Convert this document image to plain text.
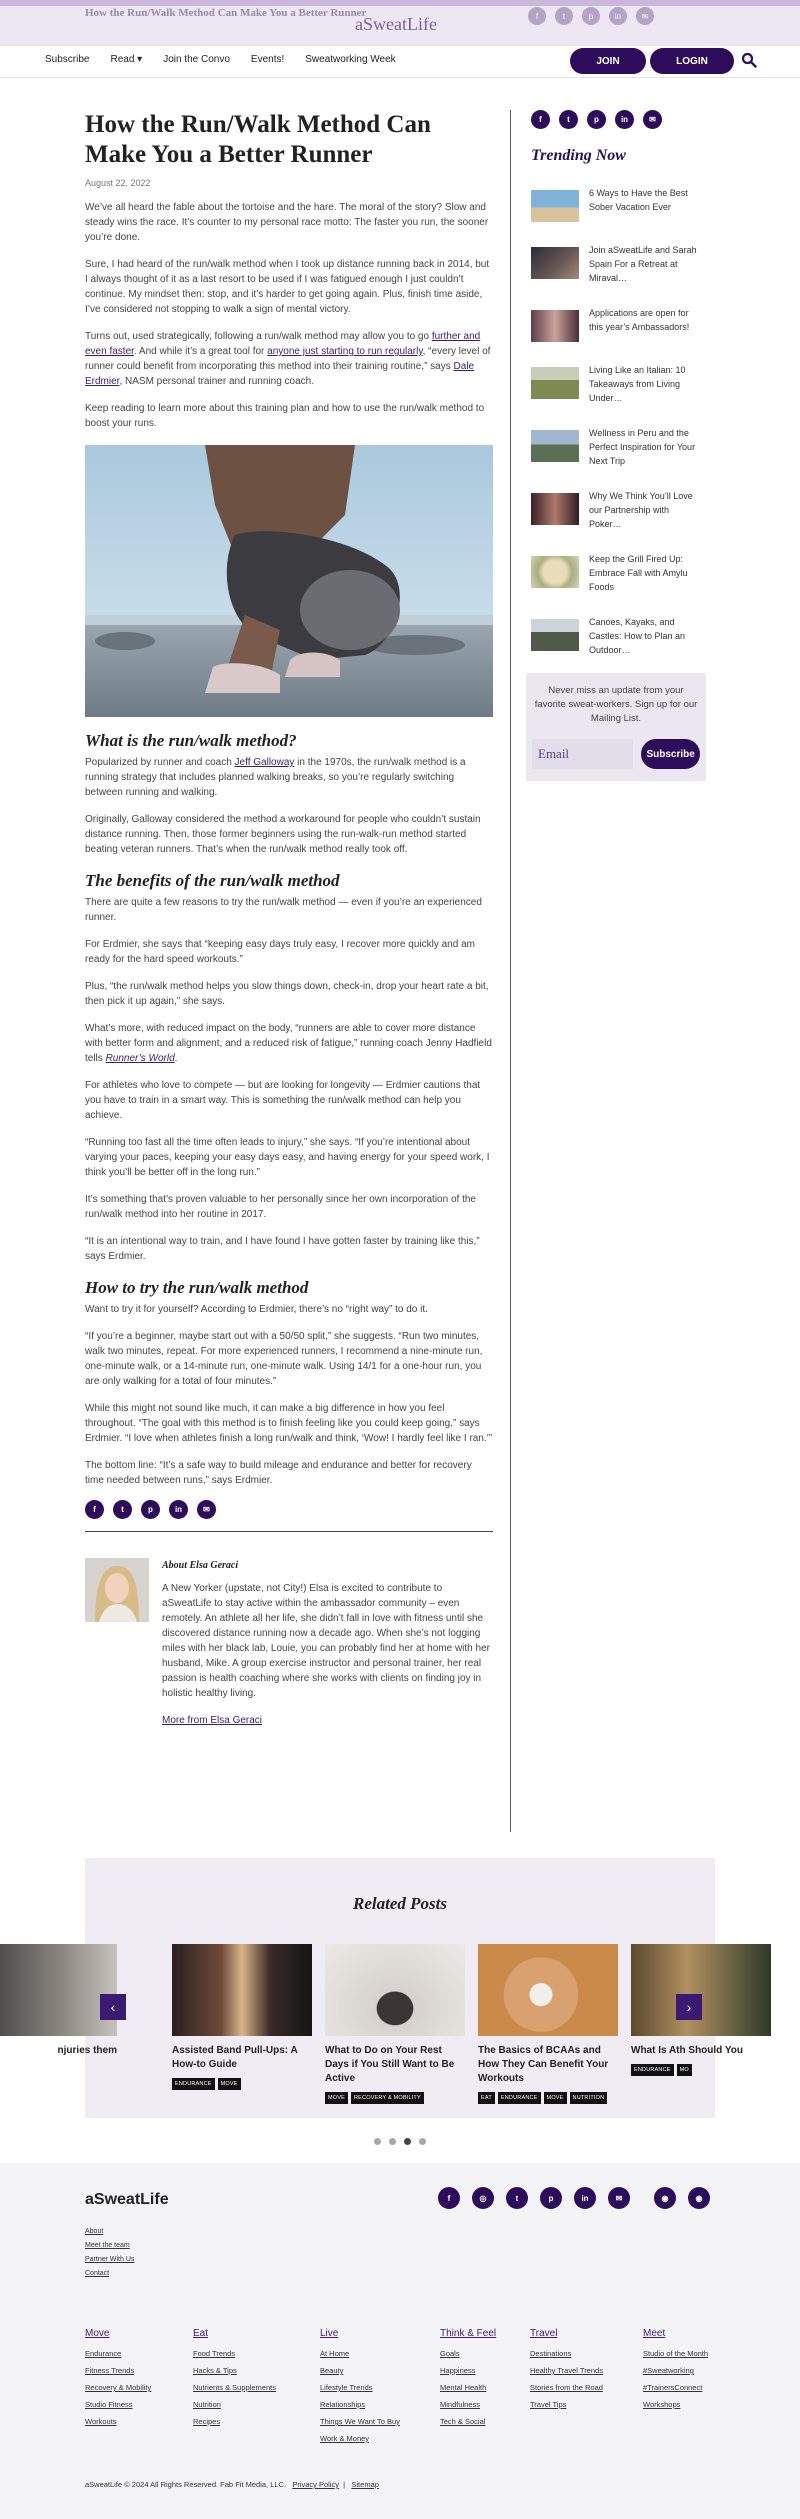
How the Run/Walk Method Can Make You a Better Runner
aSweatLife	f	t	p	in	✉
Subscribe Read ▾ Join the Convo Events! Sweatworking Week	JOIN	LOGIN
How the Run/Walk Method Can Make You a Better Runner
August 22, 2022

We’ve all heard the fable about the tortoise and the hare. The moral of the story? Slow and steady wins the race. It’s counter to my personal race motto: The faster you run, the sooner you’re done.

Sure, I had heard of the run/walk method when I took up distance running back in 2014, but I always thought of it as a last resort to be used if I was fatigued enough I just couldn’t continue. My mindset then: stop, and it’s harder to get going again. Plus, finish time aside, I’ve considered not stopping to walk a sign of mental victory.

Turns out, used strategically, following a run/walk method may allow you to go further and even faster. And while it’s a great tool for anyone just starting to run regularly, “every level of runner could benefit from incorporating this method into their training routine,” says Dale Erdmier, NASM personal trainer and running coach.

Keep reading to learn more about this training plan and how to use the run/walk method to boost your runs.

What is the run/walk method?

Popularized by runner and coach Jeff Galloway in the 1970s, the run/walk method is a running strategy that includes planned walking breaks, so you’re regularly switching between running and walking.

Originally, Galloway considered the method a workaround for people who couldn’t sustain distance running. Then, those former beginners using the run-walk-run method started beating veteran runners. That’s when the run/walk method really took off.

The benefits of the run/walk method

There are quite a few reasons to try the run/walk method — even if you’re an experienced runner.

For Erdmier, she says that “keeping easy days truly easy, I recover more quickly and am ready for the hard speed workouts.”

Plus, “the run/walk method helps you slow things down, check-in, drop your heart rate a bit, then pick it up again,” she says.

What’s more, with reduced impact on the body, “runners are able to cover more distance with better form and alignment, and a reduced risk of fatigue,” running coach Jenny Hadfield tells Runner’s World.

For athletes who love to compete — but are looking for longevity — Erdmier cautions that you have to train in a smart way. This is something the run/walk method can help you achieve.

“Running too fast all the time often leads to injury,” she says. “If you’re intentional about varying your paces, keeping your easy days easy, and having energy for your speed work, I think you’ll be better off in the long run.”

It’s something that’s proven valuable to her personally since her own incorporation of the run/walk method into her routine in 2017.

“It is an intentional way to train, and I have found I have gotten faster by training like this,” says Erdmier.

How to try the run/walk method

Want to try it for yourself? According to Erdmier, there’s no “right way” to do it.

“If you’re a beginner, maybe start out with a 50/50 split,” she suggests. “Run two minutes, walk two minutes, repeat. For more experienced runners, I recommend a nine-minute run, one-minute walk, or a 14-minute run, one-minute walk. Using 14/1 for a one-hour run, you are only walking for a total of four minutes.”

While this might not sound like much, it can make a big difference in how you feel throughout. “The goal with this method is to finish feeling like you could keep going,” says Erdmier. “I love when athletes finish a long run/walk and think, ‘Wow! I hardly feel like I ran.’”

The bottom line: “It’s a safe way to build mileage and endurance and better for recovery time needed between runs,” says Erdmier.

f	t	p	in	✉
About Elsa Geraci
A New Yorker (upstate, not City!) Elsa is excited to contribute to aSweatLife to stay active within the ambassador community – even remotely. An athlete all her life, she didn’t fall in love with fitness until she discovered distance running now a decade ago. When she’s not logging miles with her black lab, Louie, you can probably find her at home with her husband, Mike. A group exercise instructor and personal trainer, her real passion is health coaching where she works with clients on finding joy in holistic healthy living.
More from Elsa Geraci
f	t	p	in	✉
Trending Now
6 Ways to Have the Best Sober Vacation Ever
Join aSweatLife and Sarah Spain For a Retreat at Miraval…
Applications are open for this year’s Ambassadors!
Living Like an Italian: 10 Takeaways from Living Under…
Wellness in Peru and the Perfect Inspiration for Your Next Trip
Why We Think You’ll Love our Partnership with Poker…
Keep the Grill Fired Up: Embrace Fall with Amylu Foods
Canoes, Kayaks, and Castles: How to Plan an Outdoor…
Never miss an update from your favorite sweat-workers. Sign up for our Mailing List.
Email	Subscribe
Related Posts
njuries them	Assisted Band Pull-Ups: A How-to Guide
ENDURANCE	MOVE
What to Do on Your Rest Days if You Still Want to Be Active
MOVE	RECOVERY & MOBILITY
The Basics of BCAAs and How They Can Benefit Your Workouts
EAT	ENDURANCE	MOVE	NUTRITION
What Is Ath Should You
ENDURANCE	MO
‹	›
aSweatLife
About
Meet the team
Partner With Us
Contact
f	◎	t	p	in	✉	◉	◉
Move
Endurance
Fitness Trends
Recovery & Mobility
Studio Fitness
Workouts
Eat
Food Trends
Hacks & Tips
Nutrients & Supplements
Nutrition
Recipes
Live
At Home
Beauty
Lifestyle Trends
Relationships
Things We Want To Buy
Work & Money
Think & Feel
Goals
Happiness
Mental Health
Mindfulness
Tech & Social
Travel
Destinations
Healthy Travel Trends
Stories from the Road
Travel Tips
Meet
Studio of the Month
#Sweatworking
#TrainersConnect
Workshops
aSweatLife © 2024 All Rights Reserved. Fab Fit Media, LLC. Privacy Policy | Sitemap
